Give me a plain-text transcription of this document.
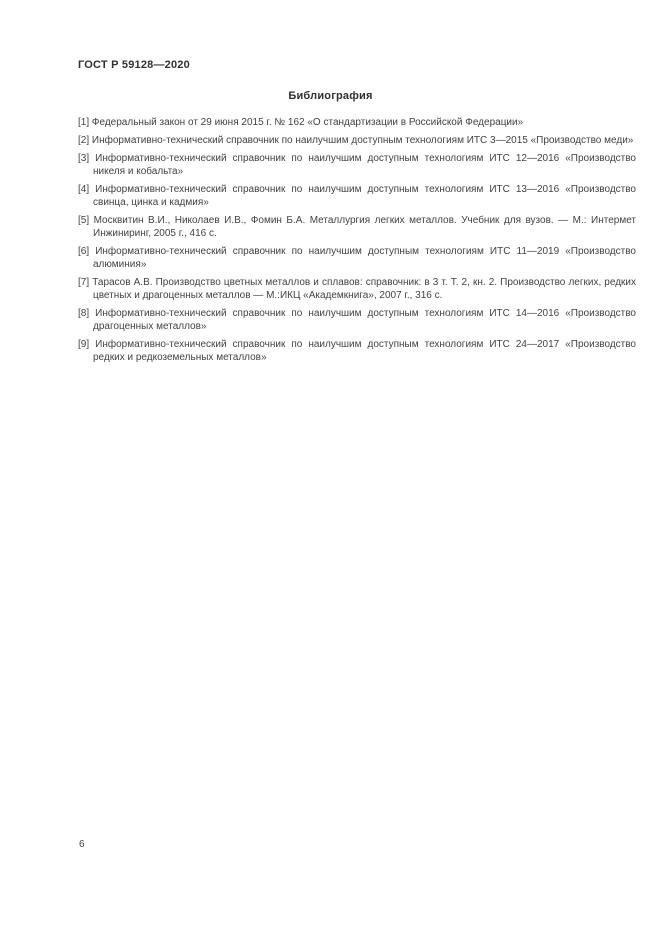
ГОСТ Р 59128—2020
Библиография

[1] Федеральный закон от 29 июня 2015 г. № 162 «О стандартизации в Российской Федерации»

[2] Информативно-технический справочник по наилучшим доступным технологиям ИТС 3—2015 «Производство меди»

[3] Информативно-технический справочник по наилучшим доступным технологиям ИТС 12—2016 «Производство никеля и кобальта»

[4] Информативно-технический справочник по наилучшим доступным технологиям ИТС 13—2016 «Производство свинца, цинка и кадмия»

[5] Москвитин В.И., Николаев И.В., Фомин Б.А. Металлургия легких металлов. Учебник для вузов. — М.: Интермет Инжиниринг, 2005 г., 416 с.

[6] Информативно-технический справочник по наилучшим доступным технологиям ИТС 11—2019 «Производство алюминия»

[7] Тарасов А.В. Производство цветных металлов и сплавов: справочник: в 3 т. Т. 2, кн. 2. Производство легких, редких цветных и драгоценных металлов — М.:ИКЦ «Академкнига», 2007 г., 316 с.

[8] Информативно-технический справочник по наилучшим доступным технологиям ИТС 14—2016 «Производство драгоценных металлов»

[9] Информативно-технический справочник по наилучшим доступным технологиям ИТС 24—2017 «Производство редких и редкоземельных металлов»

6
